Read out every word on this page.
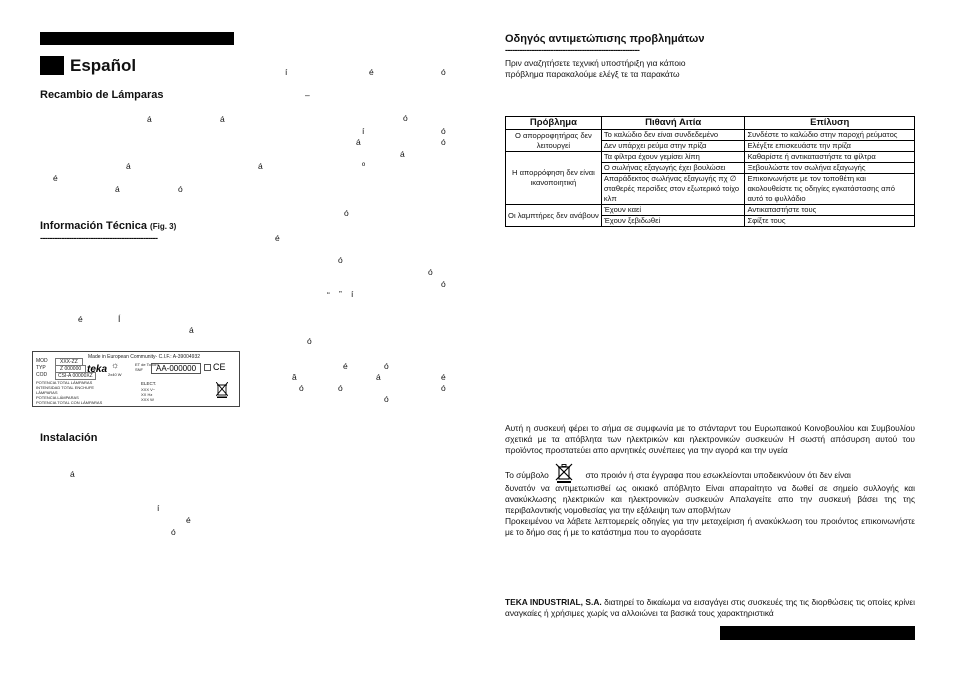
Español
Recambio de Lámparas
Información Técnica (Fig. 3)
-------------------------------------------------
Instalación
í	é	ó
–
ó
í	ó
á	á
á	ó
á
á	º
é
á
á	ó
é
ó
ó
ó
ó
“ ” í
é	Í
á
ó
é	ó
â	á	é
ó	ó
ó
ó
á
í
é
ó
Made in European Community- C.I.F.: A-39004932
MOD	XXX-ZZ
TYP	Z 000000
COD	CSI-A 00000XZ
POTENCIA TOTAL LÁMPARAS
INTENSIDAD TOTAL ENCHUFE
LÁMPARAS
POTENCIA LÁMPARAS
POTENCIA TOTAL CON LÁMPARAS
teka ☼
2x40 W
ET de Toboro
SNF	AA-000000	CE
ELECT.
XXX V~
XX Hz
XXX W
Οδηγός αντιμετώπισης προβλημάτων
--------------------------------------------------------
Πριν αναζητήσετε τεχνική υποστήριξη για κάποιο
πρόβλημα παρακαλούμε ελέγξ τε τα παρακάτω
Πρόβλημα	Πιθανή Αιτία	Επίλυση
Ο απορροφητήρας δεν λειτουργεί	Το καλώδιο δεν είναι συνδεδεμένο	Συνδέστε το καλώδιο στην παροχή ρεύματος
	Δεν υπάρχει ρεύμα στην πρίζα	Ελέγξτε επισκευάστε την πρίζα
Η απορρόφηση δεν είναι ικανοποιητική	Τα φίλτρα έχουν γεμίσει λίπη	Καθαρίστε ή αντικαταστήστε τα φίλτρα
	Ο σωλήνας εξαγωγής έχει βουλώσει	Ξεβουλώστε τον σωλήνα εξαγωγής
	Απαράδεκτος σωλήνας εξαγωγής πχ ∅ σταθερές περσίδες στον εξωτερικό τοίχο κλπ	Επικοινωνήστε με τον τοποθέτη και ακολουθείστε τις οδηγίες εγκατάστασης από αυτό το φυλλάδιο
Οι λαμπτήρες δεν ανάβουν	Έχουν καεί	Αντικαταστήστε τους
	Έχουν ξεβιδωθεί	Σφίξτε τους
Αυτή η συσκευή φέρει το σήμα σε συμφωνία με το στάνταρντ του Ευρωπαικού Κοινοβουλίου και Συμβουλίου σχετικά με τα απόβλητα των ηλεκτρικών και ηλεκτρονικών συσκευών Η σωστή απόσυρση αυτού του προϊόντος προστατεύει απο αρνητικές συνέπειες για την αγορά και την υγεία
Το σύμβολο	στο προιόν ή στα έγγραφα που εσωκλείονται υποδεικνύουν ότι δεν είναι
δυνατόν να αντιμετωπισθεί ως οικιακό απόβλητο Είναι απαραίτητο να δωθεί σε σημείο συλλογής και ανακύκλωσης ηλεκτρικών και ηλεκτρονικών συσκευών Απαλαγείτε απο την συσκευή βάσει της της περιβαλοντικής νομοθεσίας για την εξάλειψη των αποβλήτων
Προκειμένου να λάβετε λεπτομερείς οδηγίες για την μεταχείριση ή ανακύκλωση του προιόντος επικοινωνήστε με το δήμο σας ή με το κατάστημα που το αγοράσατε
TEKA INDUSTRIAL, S.A. διατηρεί το δικαίωμα να εισαγάγει στις συσκευές της τις διορθώσεις τις οποίες κρίνει αναγκαίες ή χρήσιμες χωρίς να αλλοιώνει τα βασικά τους χαρακτηριστικά
